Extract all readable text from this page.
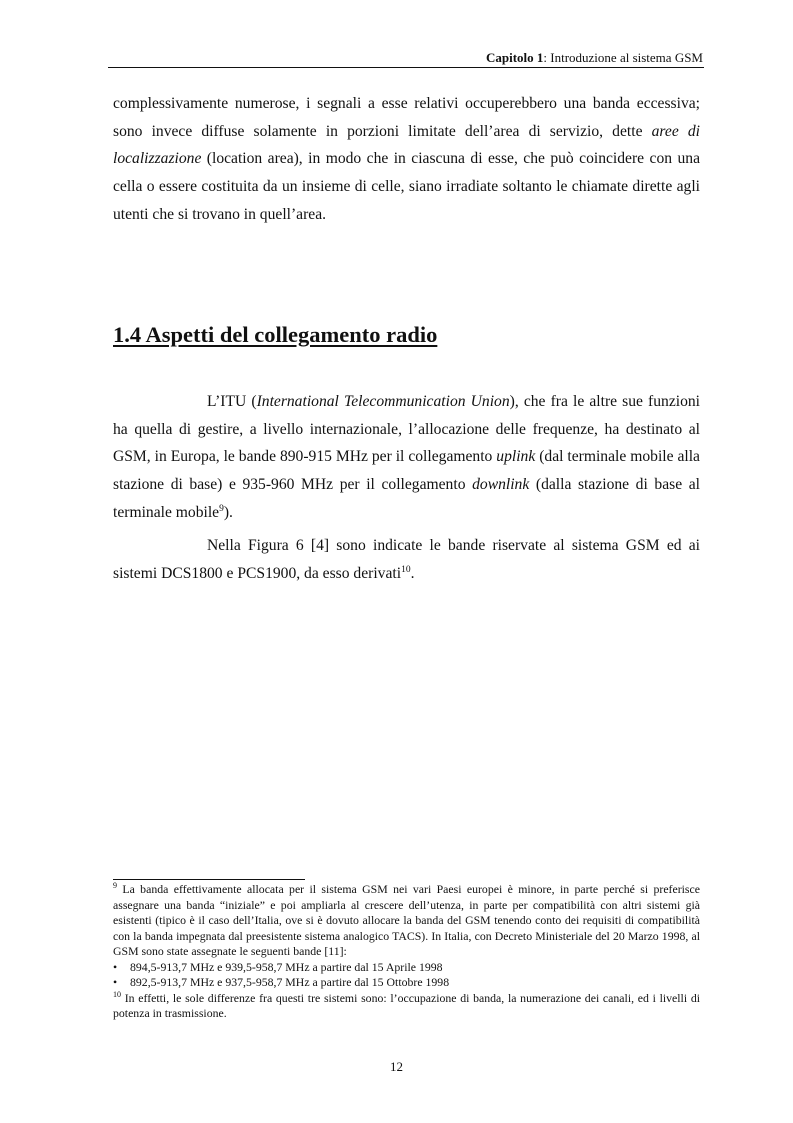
Capitolo 1: Introduzione al sistema GSM

complessivamente numerose, i segnali a esse relativi occuperebbero una banda eccessiva; sono invece diffuse solamente in porzioni limitate dell’area di servizio, dette aree di localizzazione (location area), in modo che in ciascuna di esse, che può coincidere con una cella o essere costituita da un insieme di celle, siano irradiate soltanto le chiamate dirette agli utenti che si trovano in quell’area.

1.4 Aspetti del collegamento radio

L’ITU (International Telecommunication Union), che fra le altre sue funzioni ha quella di gestire, a livello internazionale, l’allocazione delle frequenze, ha destinato al GSM, in Europa, le bande 890-915 MHz per il collegamento uplink (dal terminale mobile alla stazione di base) e 935-960 MHz per il collegamento downlink (dalla stazione di base al terminale mobile$^9$).

Nella Figura 6 [4] sono indicate le bande riservate al sistema GSM ed ai sistemi DCS1800 e PCS1900, da esso derivati$^{10}$.

$^9$ La banda effettivamente allocata per il sistema GSM nei vari Paesi europei è minore, in parte perché si preferisce assegnare una banda “iniziale” e poi ampliarla al crescere dell’utenza, in parte per compatibilità con altri sistemi già esistenti (tipico è il caso dell’Italia, ove si è dovuto allocare la banda del GSM tenendo conto dei requisiti di compatibilità con la banda impegnata dal preesistente sistema analogico TACS). In Italia, con Decreto Ministeriale del 20 Marzo 1998, al GSM sono state assegnate le seguenti bande [11]:

• 894,5-913,7 MHz e 939,5-958,7 MHz a partire dal 15 Aprile 1998
• 892,5-913,7 MHz e 937,5-958,7 MHz a partire dal 15 Ottobre 1998

$^{10}$ In effetti, le sole differenze fra questi tre sistemi sono: l’occupazione di banda, la numerazione dei canali, ed i livelli di potenza in trasmissione.

12
